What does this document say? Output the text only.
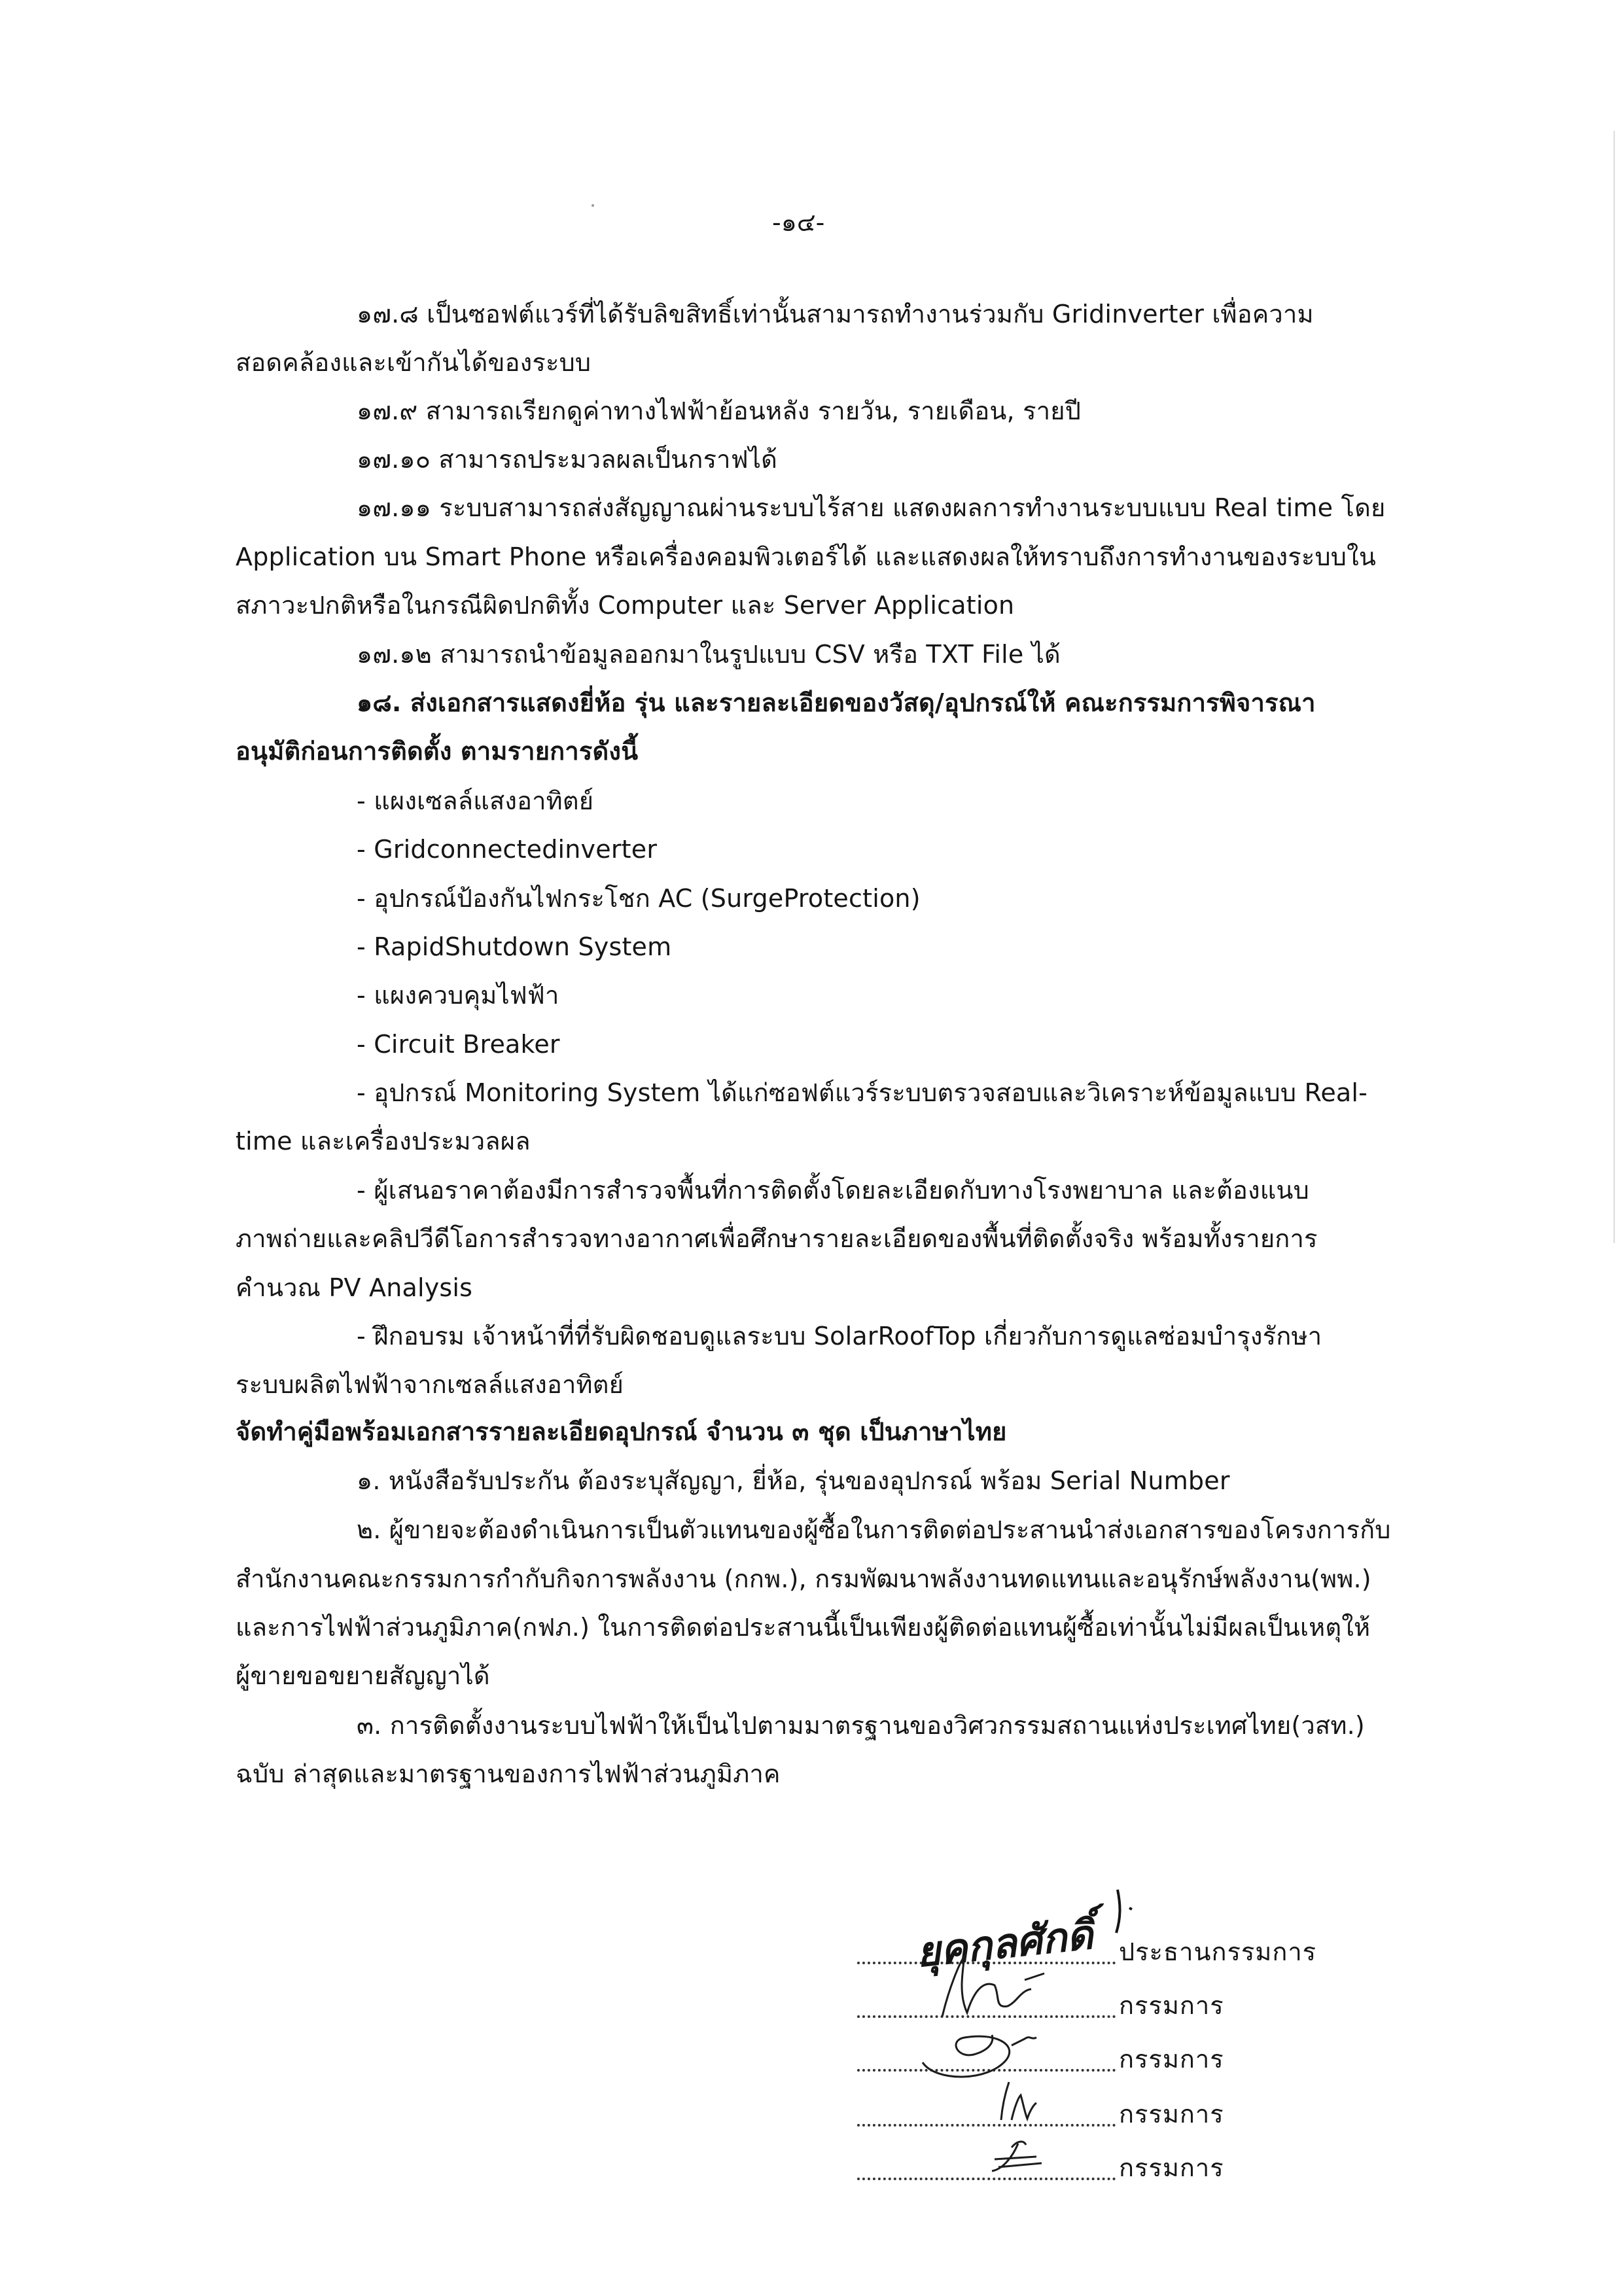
-๑๔-
๑๗.๘ เป็นซอฟต์แวร์ที่ได้รับลิขสิทธิ์เท่านั้นสามารถทำงานร่วมกับ Gridinverter เพื่อความ
สอดคล้องและเข้ากันได้ของระบบ
๑๗.๙ สามารถเรียกดูค่าทางไฟฟ้าย้อนหลัง รายวัน, รายเดือน, รายปี
๑๗.๑๐ สามารถประมวลผลเป็นกราฟได้
๑๗.๑๑ ระบบสามารถส่งสัญญาณผ่านระบบไร้สาย แสดงผลการทำงานระบบแบบ Real time โดย
Application บน Smart Phone หรือเครื่องคอมพิวเตอร์ได้ และแสดงผลให้ทราบถึงการทำงานของระบบใน
สภาวะปกติหรือในกรณีผิดปกติทั้ง Computer และ Server Application
๑๗.๑๒ สามารถนำข้อมูลออกมาในรูปแบบ CSV หรือ TXT File ได้
๑๘. ส่งเอกสารแสดงยี่ห้อ รุ่น และรายละเอียดของวัสดุ/อุปกรณ์ให้ คณะกรรมการพิจารณา
อนุมัติก่อนการติดตั้ง ตามรายการดังนี้
- แผงเซลล์แสงอาทิตย์
- Gridconnectedinverter
- อุปกรณ์ป้องกันไฟกระโชก AC (SurgeProtection)
- RapidShutdown System
- แผงควบคุมไฟฟ้า
- Circuit Breaker
- อุปกรณ์ Monitoring System ได้แก่ซอฟต์แวร์ระบบตรวจสอบและวิเคราะห์ข้อมูลแบบ Real-
time และเครื่องประมวลผล
- ผู้เสนอราคาต้องมีการสำรวจพื้นที่การติดตั้งโดยละเอียดกับทางโรงพยาบาล และต้องแนบ
ภาพถ่ายและคลิปวีดีโอการสำรวจทางอากาศเพื่อศึกษารายละเอียดของพื้นที่ติดตั้งจริง พร้อมทั้งรายการ
คำนวณ PV Analysis
- ฝึกอบรม เจ้าหน้าที่ที่รับผิดชอบดูแลระบบ SolarRoofTop เกี่ยวกับการดูแลซ่อมบำรุงรักษา
ระบบผลิตไฟฟ้าจากเซลล์แสงอาทิตย์
จัดทำคู่มือพร้อมเอกสารรายละเอียดอุปกรณ์ จำนวน ๓ ชุด เป็นภาษาไทย
๑. หนังสือรับประกัน ต้องระบุสัญญา, ยี่ห้อ, รุ่นของอุปกรณ์ พร้อม Serial Number
๒. ผู้ขายจะต้องดำเนินการเป็นตัวแทนของผู้ซื้อในการติดต่อประสานนำส่งเอกสารของโครงการกับ
สำนักงานคณะกรรมการกำกับกิจการพลังงาน (กกพ.), กรมพัฒนาพลังงานทดแทนและอนุรักษ์พลังงาน(พพ.)
และการไฟฟ้าส่วนภูมิภาค(กฟภ.) ในการติดต่อประสานนี้เป็นเพียงผู้ติดต่อแทนผู้ซื้อเท่านั้นไม่มีผลเป็นเหตุให้
ผู้ขายขอขยายสัญญาได้
๓. การติดตั้งงานระบบไฟฟ้าให้เป็นไปตามมาตรฐานของวิศวกรรมสถานแห่งประเทศไทย(วสท.)
ฉบับ ล่าสุดและมาตรฐานของการไฟฟ้าส่วนภูมิภาค
ยุคกุลศักดิ์ ประธานกรรมการ
กรรมการ
กรรมการ
กรรมการ
กรรมการ
